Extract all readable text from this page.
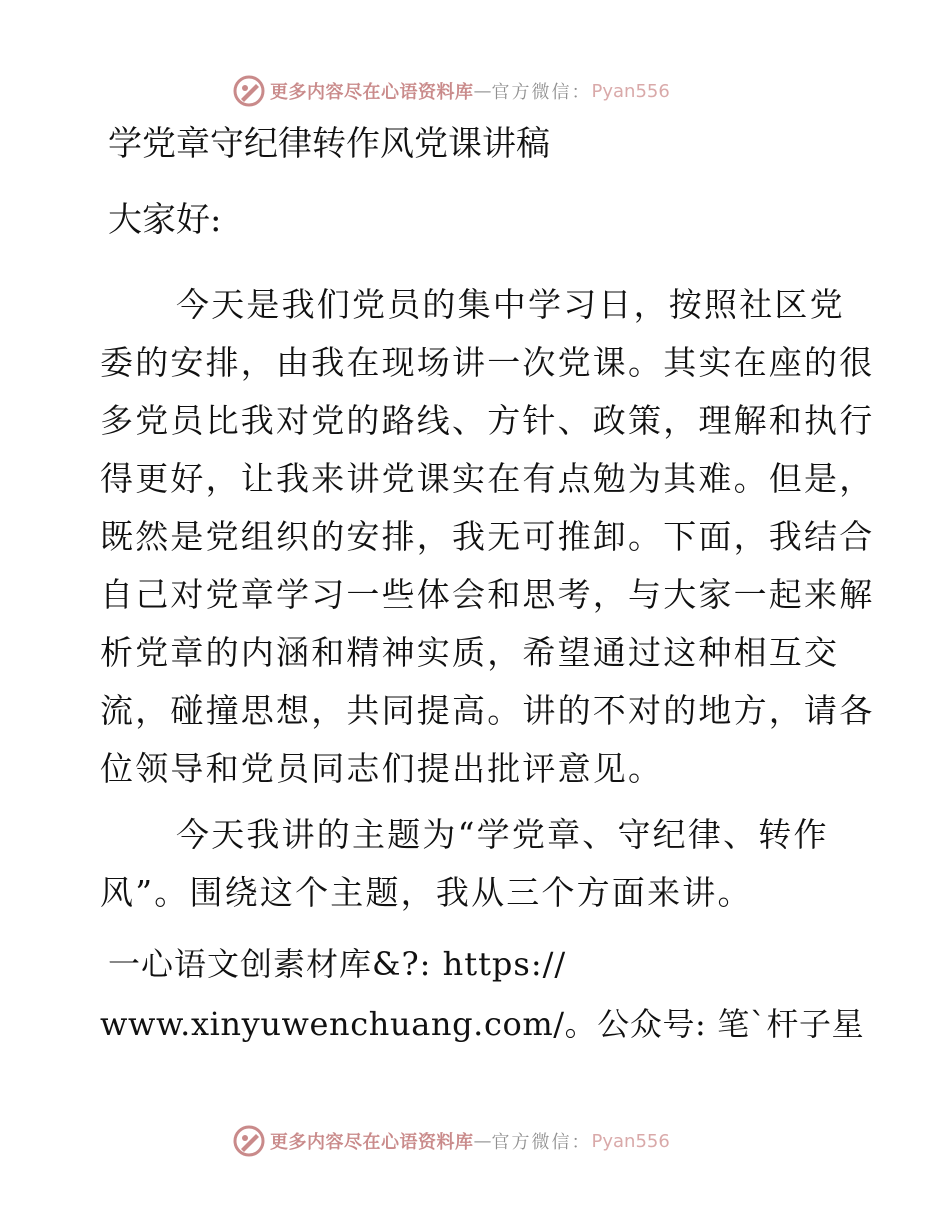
更多内容尽在心语资料库 — 官方微信： Pyan556
学党章守纪律转作风党课讲稿
大家好:
今天是我们党员的集中学习日，按照社区党
委的安排，由我在现场讲一次党课。其实在座的很
多党员比我对党的路线、方针、政策，理解和执行
得更好，让我来讲党课实在有点勉为其难。但是，
既然是党组织的安排，我无可推卸。下面，我结合
自己对党章学习一些体会和思考，与大家一起来解
析党章的内涵和精神实质，希望通过这种相互交
流，碰撞思想，共同提高。讲的不对的地方，请各
位领导和党员同志们提出批评意见。
今天我讲的主题为“学党章、守纪律、转作
风”。围绕这个主题，我从三个方面来讲。
一心语文创素材库&?: https://
www.xinyuwenchuang.com/。公众号: 笔`杆子星
更多内容尽在心语资料库 — 官方微信： Pyan556
